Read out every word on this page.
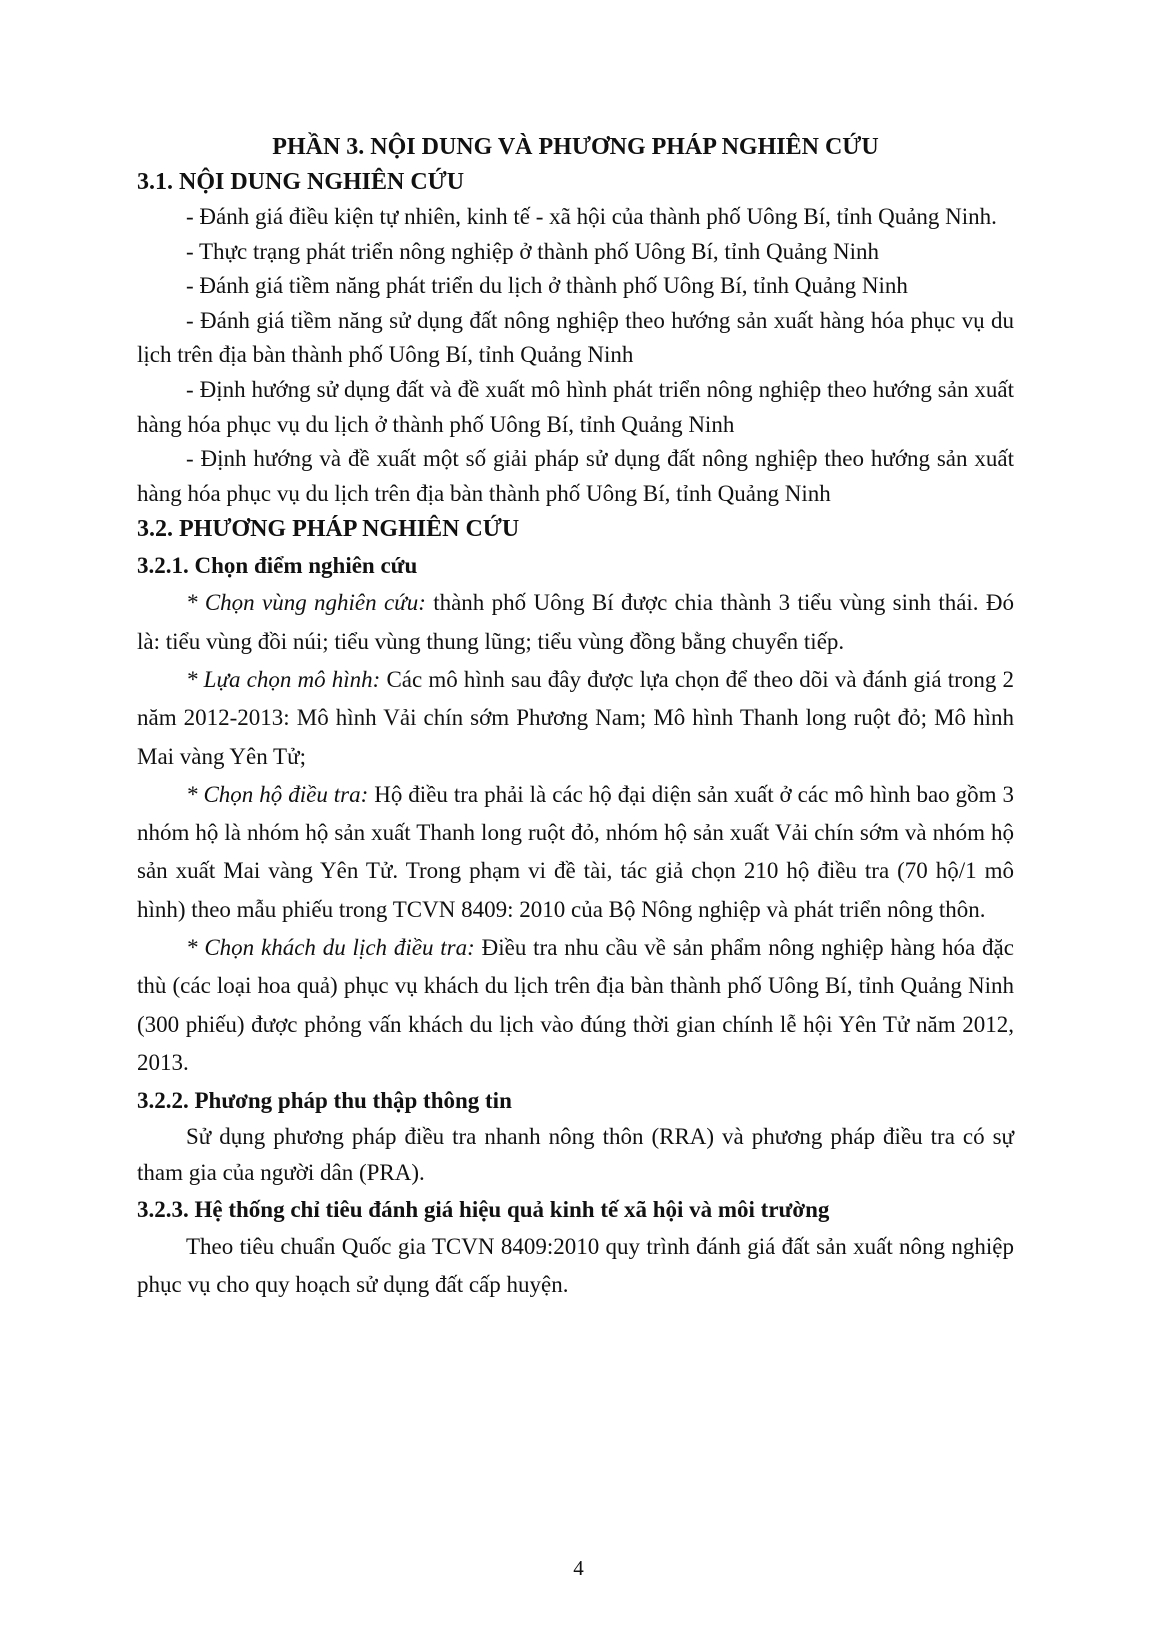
PHẦN 3. NỘI DUNG VÀ PHƯƠNG PHÁP NGHIÊN CỨU
3.1. NỘI DUNG NGHIÊN CỨU

- Đánh giá điều kiện tự nhiên, kinh tế - xã hội của thành phố Uông Bí, tỉnh Quảng Ninh.

- Thực trạng phát triển nông nghiệp ở thành phố Uông Bí, tỉnh Quảng Ninh

- Đánh giá tiềm năng phát triển du lịch ở thành phố Uông Bí, tỉnh Quảng Ninh

- Đánh giá tiềm năng sử dụng đất nông nghiệp theo hướng sản xuất hàng hóa phục vụ du lịch trên địa bàn thành phố Uông Bí, tỉnh Quảng Ninh

- Định hướng sử dụng đất và đề xuất mô hình phát triển nông nghiệp theo hướng sản xuất hàng hóa phục vụ du lịch ở thành phố Uông Bí, tỉnh Quảng Ninh

- Định hướng và đề xuất một số giải pháp sử dụng đất nông nghiệp theo hướng sản xuất hàng hóa phục vụ du lịch trên địa bàn thành phố Uông Bí, tỉnh Quảng Ninh

3.2. PHƯƠNG PHÁP NGHIÊN CỨU
3.2.1. Chọn điểm nghiên cứu

* Chọn vùng nghiên cứu: thành phố Uông Bí được chia thành 3 tiểu vùng sinh thái. Đó là: tiểu vùng đồi núi; tiểu vùng thung lũng; tiểu vùng đồng bằng chuyển tiếp.

* Lựa chọn mô hình: Các mô hình sau đây được lựa chọn để theo dõi và đánh giá trong 2 năm 2012-2013: Mô hình Vải chín sớm Phương Nam; Mô hình Thanh long ruột đỏ; Mô hình Mai vàng Yên Tử;

* Chọn hộ điều tra: Hộ điều tra phải là các hộ đại diện sản xuất ở các mô hình bao gồm 3 nhóm hộ là nhóm hộ sản xuất Thanh long ruột đỏ, nhóm hộ sản xuất Vải chín sớm và nhóm hộ sản xuất Mai vàng Yên Tử. Trong phạm vi đề tài, tác giả chọn 210 hộ điều tra (70 hộ/1 mô hình) theo mẫu phiếu trong TCVN 8409: 2010 của Bộ Nông nghiệp và phát triển nông thôn.

* Chọn khách du lịch điều tra: Điều tra nhu cầu về sản phẩm nông nghiệp hàng hóa đặc thù (các loại hoa quả) phục vụ khách du lịch trên địa bàn thành phố Uông Bí, tỉnh Quảng Ninh (300 phiếu) được phỏng vấn khách du lịch vào đúng thời gian chính lễ hội Yên Tử năm 2012, 2013.

3.2.2. Phương pháp thu thập thông tin

Sử dụng phương pháp điều tra nhanh nông thôn (RRA) và phương pháp điều tra có sự tham gia của người dân (PRA).

3.2.3. Hệ thống chỉ tiêu đánh giá hiệu quả kinh tế xã hội và môi trường

Theo tiêu chuẩn Quốc gia TCVN 8409:2010 quy trình đánh giá đất sản xuất nông nghiệp phục vụ cho quy hoạch sử dụng đất cấp huyện.

4
